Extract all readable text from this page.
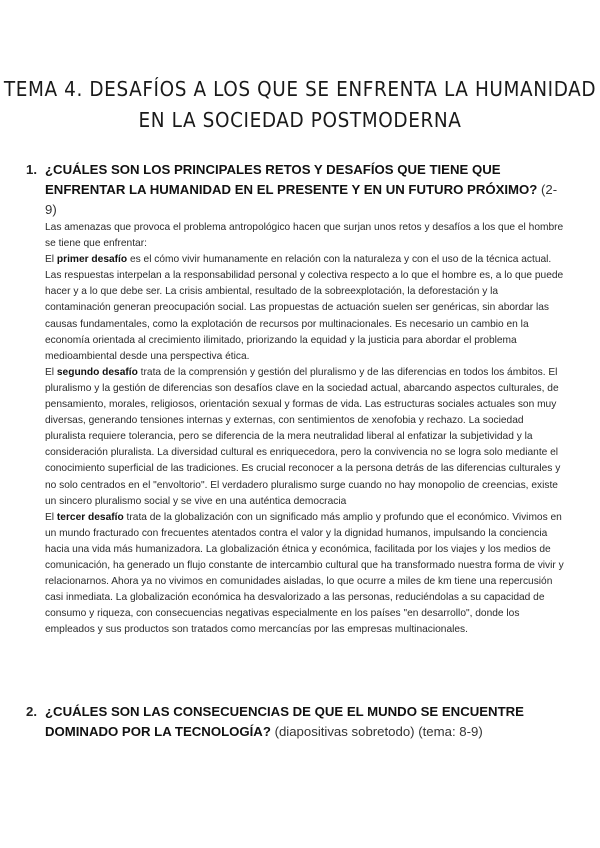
TEMA 4. DESAFÍOS A LOS QUE SE ENFRENTA LA HUMANIDAD
EN LA SOCIEDAD POSTMODERNA
1. ¿CUÁLES SON LOS PRINCIPALES RETOS Y DESAFÍOS QUE TIENE QUE ENFRENTAR LA HUMANIDAD EN EL PRESENTE Y EN UN FUTURO PRÓXIMO? (2-9)

Las amenazas que provoca el problema antropológico hacen que surjan unos retos y desafíos a los que el hombre se tiene que enfrentar:

El primer desafío es el cómo vivir humanamente en relación con la naturaleza y con el uso de la técnica actual. Las respuestas interpelan a la responsabilidad personal y colectiva respecto a lo que el hombre es, a lo que puede hacer y a lo que debe ser. La crisis ambiental, resultado de la sobreexplotación, la deforestación y la contaminación generan preocupación social. Las propuestas de actuación suelen ser genéricas, sin abordar las causas fundamentales, como la explotación de recursos por multinacionales. Es necesario un cambio en la economía orientada al crecimiento ilimitado, priorizando la equidad y la justicia para abordar el problema medioambiental desde una perspectiva ética.

El segundo desafío trata de la comprensión y gestión del pluralismo y de las diferencias en todos los ámbitos. El pluralismo y la gestión de diferencias son desafíos clave en la sociedad actual, abarcando aspectos culturales, de pensamiento, morales, religiosos, orientación sexual y formas de vida. Las estructuras sociales actuales son muy diversas, generando tensiones internas y externas, con sentimientos de xenofobia y rechazo. La sociedad pluralista requiere tolerancia, pero se diferencia de la mera neutralidad liberal al enfatizar la subjetividad y la consideración pluralista. La diversidad cultural es enriquecedora, pero la convivencia no se logra solo mediante el conocimiento superficial de las tradiciones. Es crucial reconocer a la persona detrás de las diferencias culturales y no solo centrados en el "envoltorio". El verdadero pluralismo surge cuando no hay monopolio de creencias, existe un sincero pluralismo social y se vive en una auténtica democracia

El tercer desafío trata de la globalización con un significado más amplio y profundo que el económico. Vivimos en un mundo fracturado con frecuentes atentados contra el valor y la dignidad humanos, impulsando la conciencia hacia una vida más humanizadora. La globalización étnica y económica, facilitada por los viajes y los medios de comunicación, ha generado un flujo constante de intercambio cultural que ha transformado nuestra forma de vivir y relacionarnos. Ahora ya no vivimos en comunidades aisladas, lo que ocurre a miles de km tiene una repercusión casi inmediata. La globalización económica ha desvalorizado a las personas, reduciéndolas a su capacidad de consumo y riqueza, con consecuencias negativas especialmente en los países "en desarrollo", donde los empleados y sus productos son tratados como mercancías por las empresas multinacionales.

2. ¿CUÁLES SON LAS CONSECUENCIAS DE QUE EL MUNDO SE ENCUENTRE DOMINADO POR LA TECNOLOGÍA? (diapositivas sobretodo) (tema: 8-9)
